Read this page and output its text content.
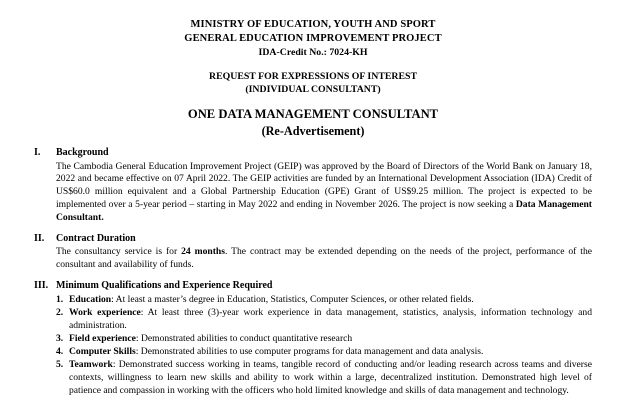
MINISTRY OF EDUCATION, YOUTH AND SPORT
GENERAL EDUCATION IMPROVEMENT PROJECT
IDA-Credit No.: 7024-KH
REQUEST FOR EXPRESSIONS OF INTEREST
(INDIVIDUAL CONSULTANT)
ONE DATA MANAGEMENT CONSULTANT
(Re-Advertisement)
I.	Background
The Cambodia General Education Improvement Project (GEIP) was approved by the Board of Directors of the World Bank on January 18, 2022 and became effective on 07 April 2022. The GEIP activities are funded by an International Development Association (IDA) Credit of US$60.0 million equivalent and a Global Partnership Education (GPE) Grant of US$9.25 million. The project is expected to be implemented over a 5-year period – starting in May 2022 and ending in November 2026. The project is now seeking a Data Management Consultant.
II.	Contract Duration
The consultancy service is for 24 months. The contract may be extended depending on the needs of the project, performance of the consultant and availability of funds.
III. Minimum Qualifications and Experience Required
1. Education: At least a master’s degree in Education, Statistics, Computer Sciences, or other related fields.
2. Work experience: At least three (3)-year work experience in data management, statistics, analysis, information technology and administration.
3. Field experience: Demonstrated abilities to conduct quantitative research
4. Computer Skills: Demonstrated abilities to use computer programs for data management and data analysis.
5. Teamwork: Demonstrated success working in teams, tangible record of conducting and/or leading research across teams and diverse contexts, willingness to learn new skills and ability to work within a large, decentralized institution. Demonstrated high level of patience and compassion in working with the officers who hold limited knowledge and skills of data management and technology.
